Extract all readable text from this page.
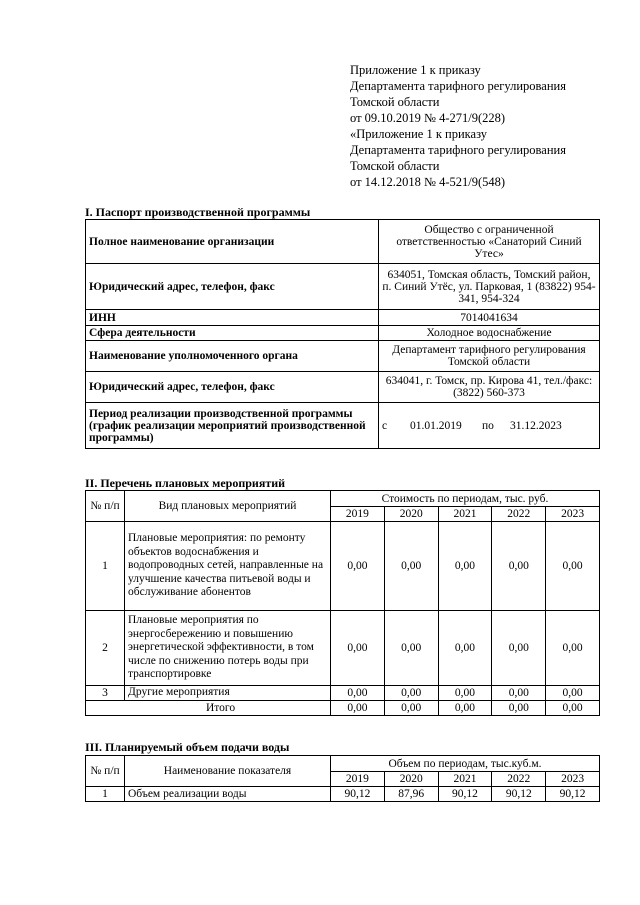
Приложение 1 к приказу
Департамента тарифного регулирования
Томской области
от 09.10.2019 № 4-271/9(228)
«Приложение 1 к приказу
Департамента тарифного регулирования
Томской области
от 14.12.2018 № 4-521/9(548)
I. Паспорт производственной программы
Полное наименование организации	Общество с ограниченной ответственностью «Санаторий Синий Утес»
Юридический адрес, телефон, факс	634051, Томская область, Томский район, п. Синий Утёс, ул. Парковая, 1 (83822) 954-341, 954-324
ИНН	7014041634
Сфера деятельности	Холодное водоснабжение
Наименование уполномоченного органа	Департамент тарифного регулирования Томской области
Юридический адрес, телефон, факс	634041, г. Томск, пр. Кирова 41, тел./факс: (3822) 560-373
Период реализации производственной программы (график реализации мероприятий производственной программы)	с 01.01.2019 по 31.12.2023
II. Перечень плановых мероприятий
№ п/п	Вид плановых мероприятий	Стоимость по периодам, тыс. руб.				
		2019	2020	2021	2022	2023
1	Плановые мероприятия: по ремонту объектов водоснабжения и водопроводных сетей, направленные на улучшение качества питьевой воды и обслуживание абонентов	0,00	0,00	0,00	0,00	0,00
2	Плановые мероприятия по энергосбережению и повышению энергетической эффективности, в том числе по снижению потерь воды при транспортировке	0,00	0,00	0,00	0,00	0,00
3	Другие мероприятия	0,00	0,00	0,00	0,00	0,00
Итого		0,00	0,00	0,00	0,00	0,00
III. Планируемый объем подачи воды
№ п/п	Наименование показателя	Объем по периодам, тыс.куб.м.				
		2019	2020	2021	2022	2023
1	Объем реализации воды	90,12	87,96	90,12	90,12	90,12
